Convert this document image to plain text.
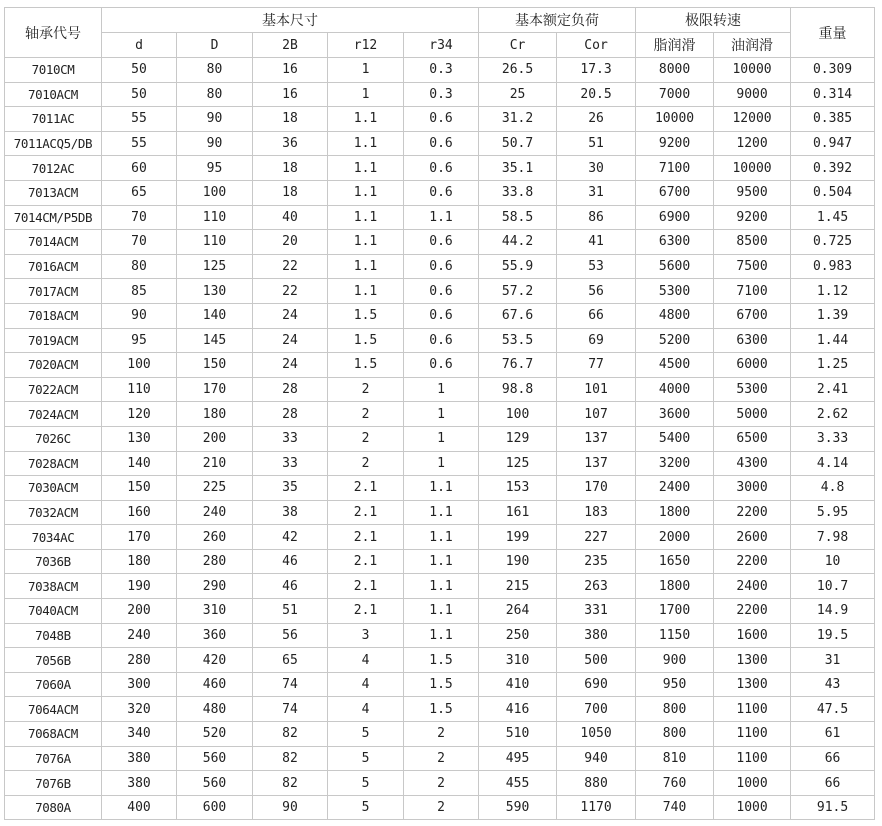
轴承代号	基本尺寸					基本额定负荷		极限转速		重量
	d	D	2B	r12	r34	Cr	Cor	脂润滑	油润滑	
7010CM	50	80	16	1	0.3	26.5	17.3	8000	10000	0.309
7010ACM	50	80	16	1	0.3	25	20.5	7000	9000	0.314
7011AC	55	90	18	1.1	0.6	31.2	26	10000	12000	0.385
7011ACQ5/DB	55	90	36	1.1	0.6	50.7	51	9200	1200	0.947
7012AC	60	95	18	1.1	0.6	35.1	30	7100	10000	0.392
7013ACM	65	100	18	1.1	0.6	33.8	31	6700	9500	0.504
7014CM/P5DB	70	110	40	1.1	1.1	58.5	86	6900	9200	1.45
7014ACM	70	110	20	1.1	0.6	44.2	41	6300	8500	0.725
7016ACM	80	125	22	1.1	0.6	55.9	53	5600	7500	0.983
7017ACM	85	130	22	1.1	0.6	57.2	56	5300	7100	1.12
7018ACM	90	140	24	1.5	0.6	67.6	66	4800	6700	1.39
7019ACM	95	145	24	1.5	0.6	53.5	69	5200	6300	1.44
7020ACM	100	150	24	1.5	0.6	76.7	77	4500	6000	1.25
7022ACM	110	170	28	2	1	98.8	101	4000	5300	2.41
7024ACM	120	180	28	2	1	100	107	3600	5000	2.62
7026C	130	200	33	2	1	129	137	5400	6500	3.33
7028ACM	140	210	33	2	1	125	137	3200	4300	4.14
7030ACM	150	225	35	2.1	1.1	153	170	2400	3000	4.8
7032ACM	160	240	38	2.1	1.1	161	183	1800	2200	5.95
7034AC	170	260	42	2.1	1.1	199	227	2000	2600	7.98
7036B	180	280	46	2.1	1.1	190	235	1650	2200	10
7038ACM	190	290	46	2.1	1.1	215	263	1800	2400	10.7
7040ACM	200	310	51	2.1	1.1	264	331	1700	2200	14.9
7048B	240	360	56	3	1.1	250	380	1150	1600	19.5
7056B	280	420	65	4	1.5	310	500	900	1300	31
7060A	300	460	74	4	1.5	410	690	950	1300	43
7064ACM	320	480	74	4	1.5	416	700	800	1100	47.5
7068ACM	340	520	82	5	2	510	1050	800	1100	61
7076A	380	560	82	5	2	495	940	810	1100	66
7076B	380	560	82	5	2	455	880	760	1000	66
7080A	400	600	90	5	2	590	1170	740	1000	91.5
